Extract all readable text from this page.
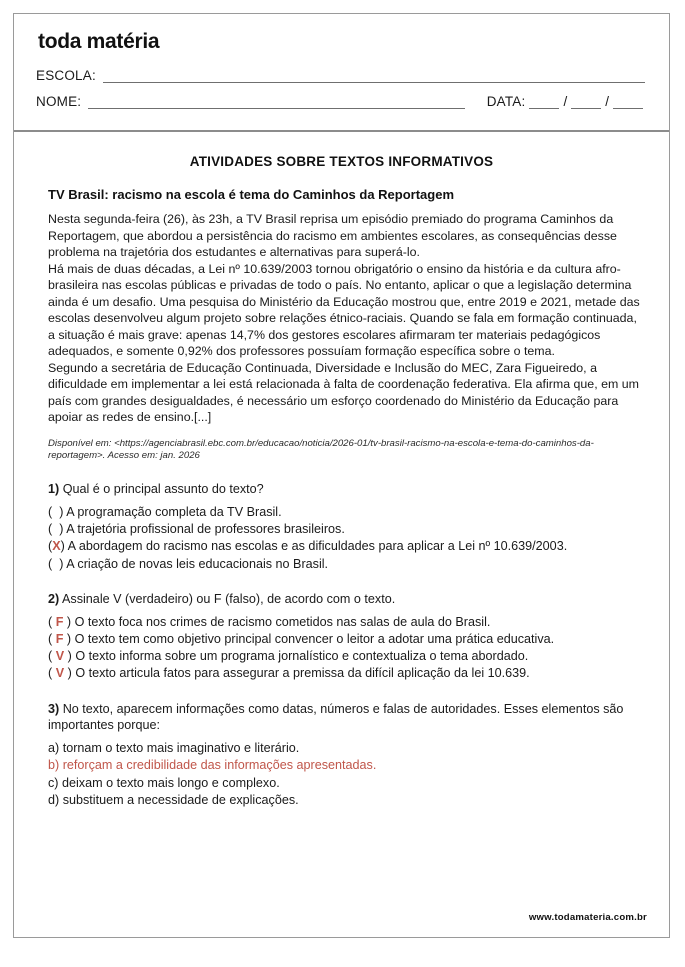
toda matéria
ESCOLA:
NOME:	DATA:	/	/
ATIVIDADES SOBRE TEXTOS INFORMATIVOS
TV Brasil: racismo na escola é tema do Caminhos da Reportagem

Nesta segunda-feira (26), às 23h, a TV Brasil reprisa um episódio premiado do programa Caminhos da Reportagem, que abordou a persistência do racismo em ambientes escolares, as consequências desse problema na trajetória dos estudantes e alternativas para superá-lo.

Há mais de duas décadas, a Lei nº 10.639/2003 tornou obrigatório o ensino da história e da cultura afro-brasileira nas escolas públicas e privadas de todo o país. No entanto, aplicar o que a legislação determina ainda é um desafio. Uma pesquisa do Ministério da Educação mostrou que, entre 2019 e 2021, metade das escolas desenvolveu algum projeto sobre relações étnico-raciais. Quando se fala em formação continuada, a situação é mais grave: apenas 14,7% dos gestores escolares afirmaram ter materiais pedagógicos adequados, e somente 0,92% dos professores possuíam formação específica sobre o tema.

Segundo a secretária de Educação Continuada, Diversidade e Inclusão do MEC, Zara Figueiredo, a dificuldade em implementar a lei está relacionada à falta de coordenação federativa. Ela afirma que, em um país com grandes desigualdades, é necessário um esforço coordenado do Ministério da Educação para apoiar as redes de ensino.[...]

Disponível em: <https://agenciabrasil.ebc.com.br/educacao/noticia/2026-01/tv-brasil-racismo-na-escola-e-tema-do-caminhos-da-reportagem>. Acesso em: jan. 2026

1) Qual é o principal assunto do texto?

(  ) A programação completa da TV Brasil.

(  ) A trajetória profissional de professores brasileiros.

(X) A abordagem do racismo nas escolas e as dificuldades para aplicar a Lei nº 10.639/2003.

(  ) A criação de novas leis educacionais no Brasil.

2) Assinale V (verdadeiro) ou F (falso), de acordo com o texto.

( F ) O texto foca nos crimes de racismo cometidos nas salas de aula do Brasil.

( F ) O texto tem como objetivo principal convencer o leitor a adotar uma prática educativa.

( V ) O texto informa sobre um programa jornalístico e contextualiza o tema abordado.

( V ) O texto articula fatos para assegurar a premissa da difícil aplicação da lei 10.639.

3) No texto, aparecem informações como datas, números e falas de autoridades. Esses elementos são importantes porque:

a) tornam o texto mais imaginativo e literário.

b) reforçam a credibilidade das informações apresentadas.

c) deixam o texto mais longo e complexo.

d) substituem a necessidade de explicações.

www.todamateria.com.br
